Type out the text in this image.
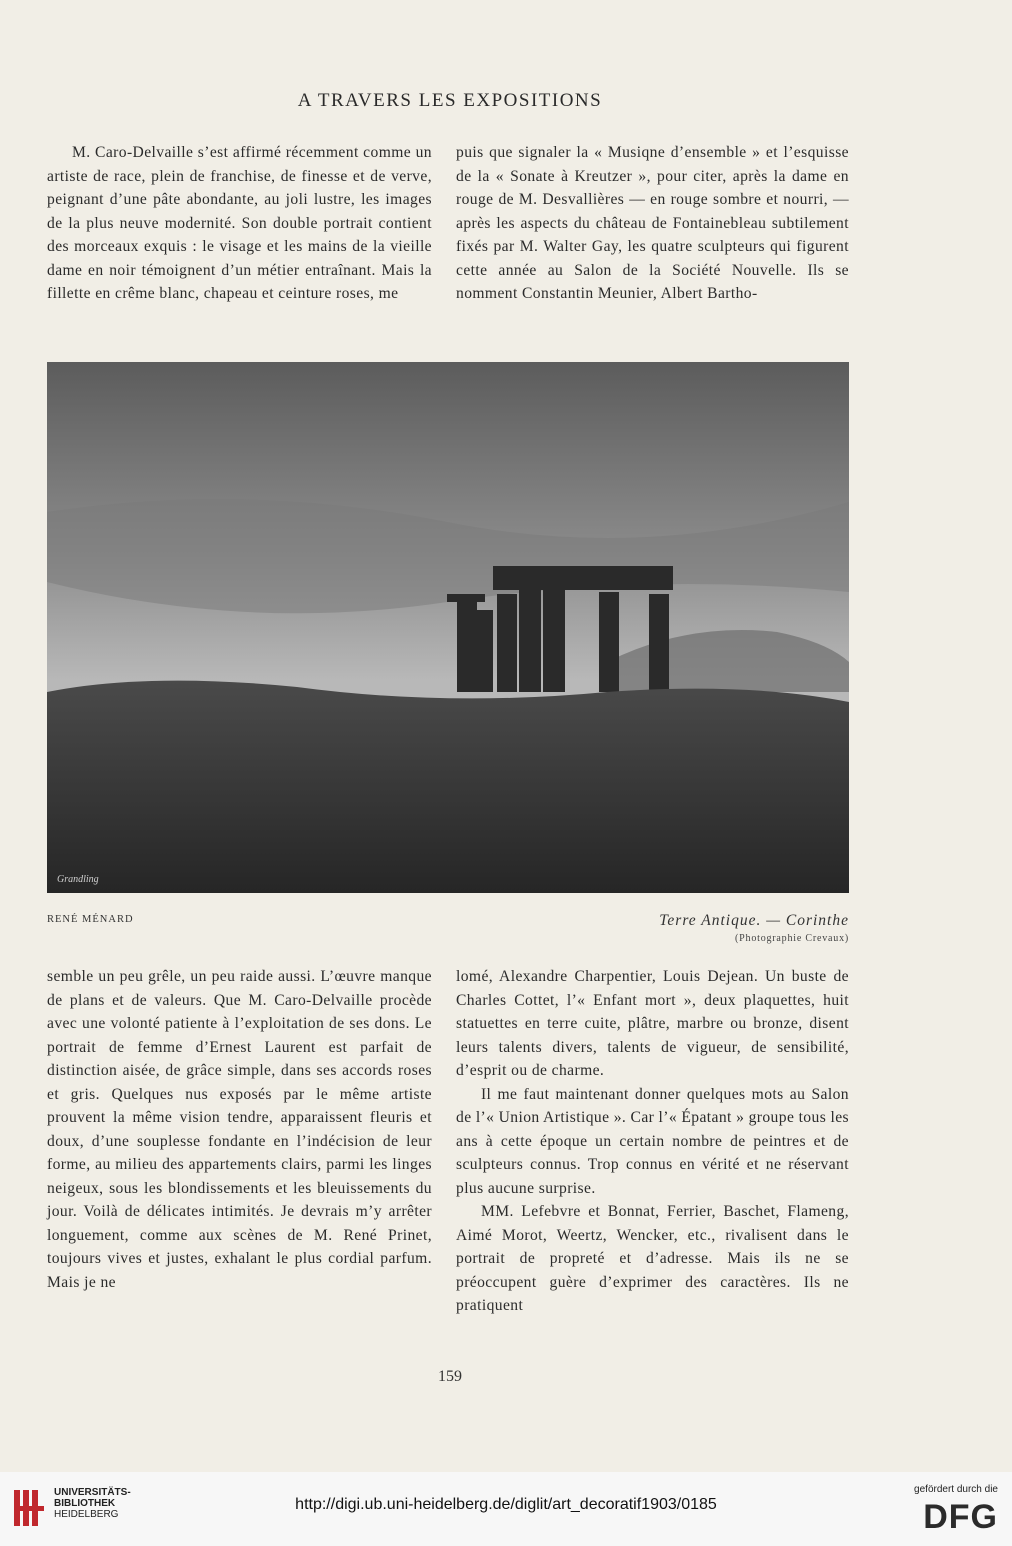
A TRAVERS LES EXPOSITIONS

M. Caro-Delvaille s’est affirmé récemment comme un artiste de race, plein de franchise, de finesse et de verve, peignant d’une pâte abondante, au joli lustre, les images de la plus neuve modernité. Son double portrait contient des morceaux exquis : le visage et les mains de la vieille dame en noir témoignent d’un métier entraînant. Mais la fillette en crême blanc, chapeau et ceinture roses, me

puis que signaler la « Musiqne d’ensemble » et l’esquisse de la « Sonate à Kreutzer », pour citer, après la dame en rouge de M. Desvallières — en rouge sombre et nourri, — après les aspects du château de Fontainebleau subtilement fixés par M. Walter Gay, les quatre sculpteurs qui figurent cette année au Salon de la Société Nouvelle. Ils se nomment Constantin Meunier, Albert Bartho-

Grandling
RENÉ MÉNARD	Terre Antique. — Corinthe
(Photographie Crevaux)

semble un peu grêle, un peu raide aussi. L’œuvre manque de plans et de valeurs. Que M. Caro-Delvaille procède avec une volonté patiente à l’exploitation de ses dons. Le portrait de femme d’Ernest Laurent est parfait de distinction aisée, de grâce simple, dans ses accords roses et gris. Quelques nus exposés par le même artiste prouvent la même vision tendre, apparaissent fleuris et doux, d’une souplesse fondante en l’indécision de leur forme, au milieu des appartements clairs, parmi les linges neigeux, sous les blondissements et les bleuissements du jour. Voilà de délicates intimités. Je devrais m’y arrêter longuement, comme aux scènes de M. René Prinet, toujours vives et justes, exhalant le plus cordial parfum. Mais je ne

lomé, Alexandre Charpentier, Louis Dejean. Un buste de Charles Cottet, l’« Enfant mort », deux plaquettes, huit statuettes en terre cuite, plâtre, marbre ou bronze, disent leurs talents divers, talents de vigueur, de sensibilité, d’esprit ou de charme.

Il me faut maintenant donner quelques mots au Salon de l’« Union Artistique ». Car l’« Épatant » groupe tous les ans à cette époque un certain nombre de peintres et de sculpteurs connus. Trop connus en vérité et ne réservant plus aucune surprise.

MM. Lefebvre et Bonnat, Ferrier, Baschet, Flameng, Aimé Morot, Weertz, Wencker, etc., rivalisent dans le portrait de propreté et d’adresse. Mais ils ne se préoccupent guère d’exprimer des caractères. Ils ne pratiquent

159
UNIVERSITÄTS-
BIBLIOTHEK
HEIDELBERG
http://digi.ub.uni-heidelberg.de/diglit/art_decoratif1903/0185
gefördert durch die
DFG
